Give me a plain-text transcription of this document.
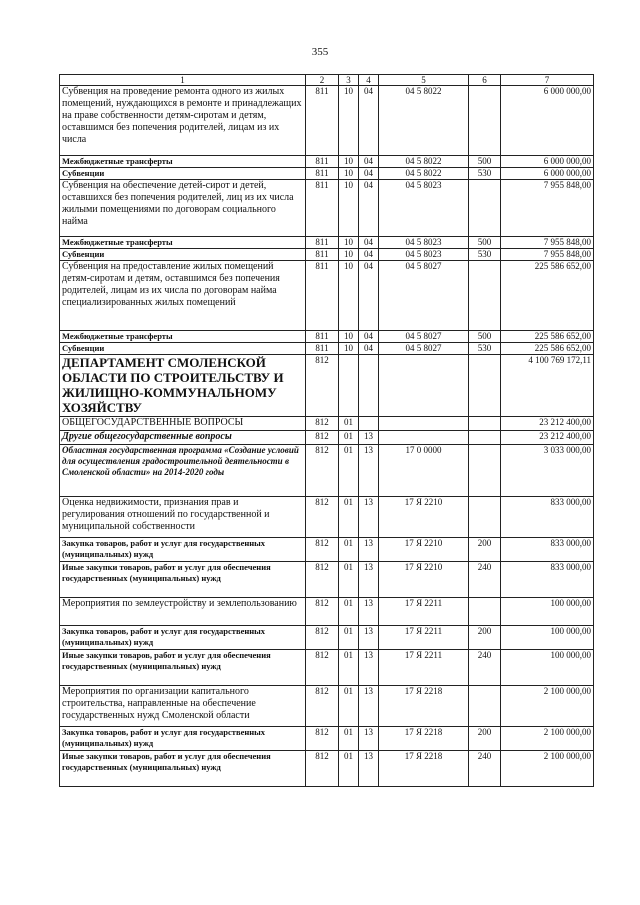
355
1	2	3	4	5	6	7
Субвенция на проведение ремонта одного из жилых помещений, нуждающихся в ремонте и принадлежащих на праве собственности детям-сиротам и детям, оставшимся без попечения родителей, лицам из их числа	811	10	04	04 5 8022		6 000 000,00
Межбюджетные трансферты	811	10	04	04 5 8022	500	6 000 000,00
Субвенции	811	10	04	04 5 8022	530	6 000 000,00
Субвенция на обеспечение детей-сирот и детей, оставшихся без попечения родителей, лиц из их числа жилыми помещениями по договорам социального найма	811	10	04	04 5 8023		7 955 848,00
Межбюджетные трансферты	811	10	04	04 5 8023	500	7 955 848,00
Субвенции	811	10	04	04 5 8023	530	7 955 848,00
Субвенция на предоставление жилых помещений детям-сиротам и детям, оставшимся без попечения родителей, лицам из их числа по договорам найма специализированных жилых помещений	811	10	04	04 5 8027		225 586 652,00
Межбюджетные трансферты	811	10	04	04 5 8027	500	225 586 652,00
Субвенции	811	10	04	04 5 8027	530	225 586 652,00
ДЕПАРТАМЕНТ СМОЛЕНСКОЙ ОБЛАСТИ ПО СТРОИТЕЛЬСТВУ И ЖИЛИЩНО-КОММУНАЛЬНОМУ ХОЗЯЙСТВУ	812					4 100 769 172,11
ОБЩЕГОСУДАРСТВЕННЫЕ ВОПРОСЫ	812	01				23 212 400,00
Другие общегосударственные вопросы	812	01	13			23 212 400,00
Областная государственная программа «Создание условий для осуществления градостроительной деятельности в Смоленской области» на 2014-2020 годы	812	01	13	17 0 0000		3 033 000,00
Оценка недвижимости, признания прав и регулирования отношений по государственной и муниципальной собственности	812	01	13	17 Я 2210		833 000,00
Закупка товаров, работ и услуг для государственных (муниципальных) нужд	812	01	13	17 Я 2210	200	833 000,00
Иные закупки товаров, работ и услуг для обеспечения государственных (муниципальных) нужд	812	01	13	17 Я 2210	240	833 000,00
Мероприятия по землеустройству и землепользованию	812	01	13	17 Я 2211		100 000,00
Закупка товаров, работ и услуг для государственных (муниципальных) нужд	812	01	13	17 Я 2211	200	100 000,00
Иные закупки товаров, работ и услуг для обеспечения государственных (муниципальных) нужд	812	01	13	17 Я 2211	240	100 000,00
Мероприятия по организации капитального строительства, направленные на обеспечение государственных нужд Смоленской области	812	01	13	17 Я 2218		2 100 000,00
Закупка товаров, работ и услуг для государственных (муниципальных) нужд	812	01	13	17 Я 2218	200	2 100 000,00
Иные закупки товаров, работ и услуг для обеспечения государственных (муниципальных) нужд	812	01	13	17 Я 2218	240	2 100 000,00
